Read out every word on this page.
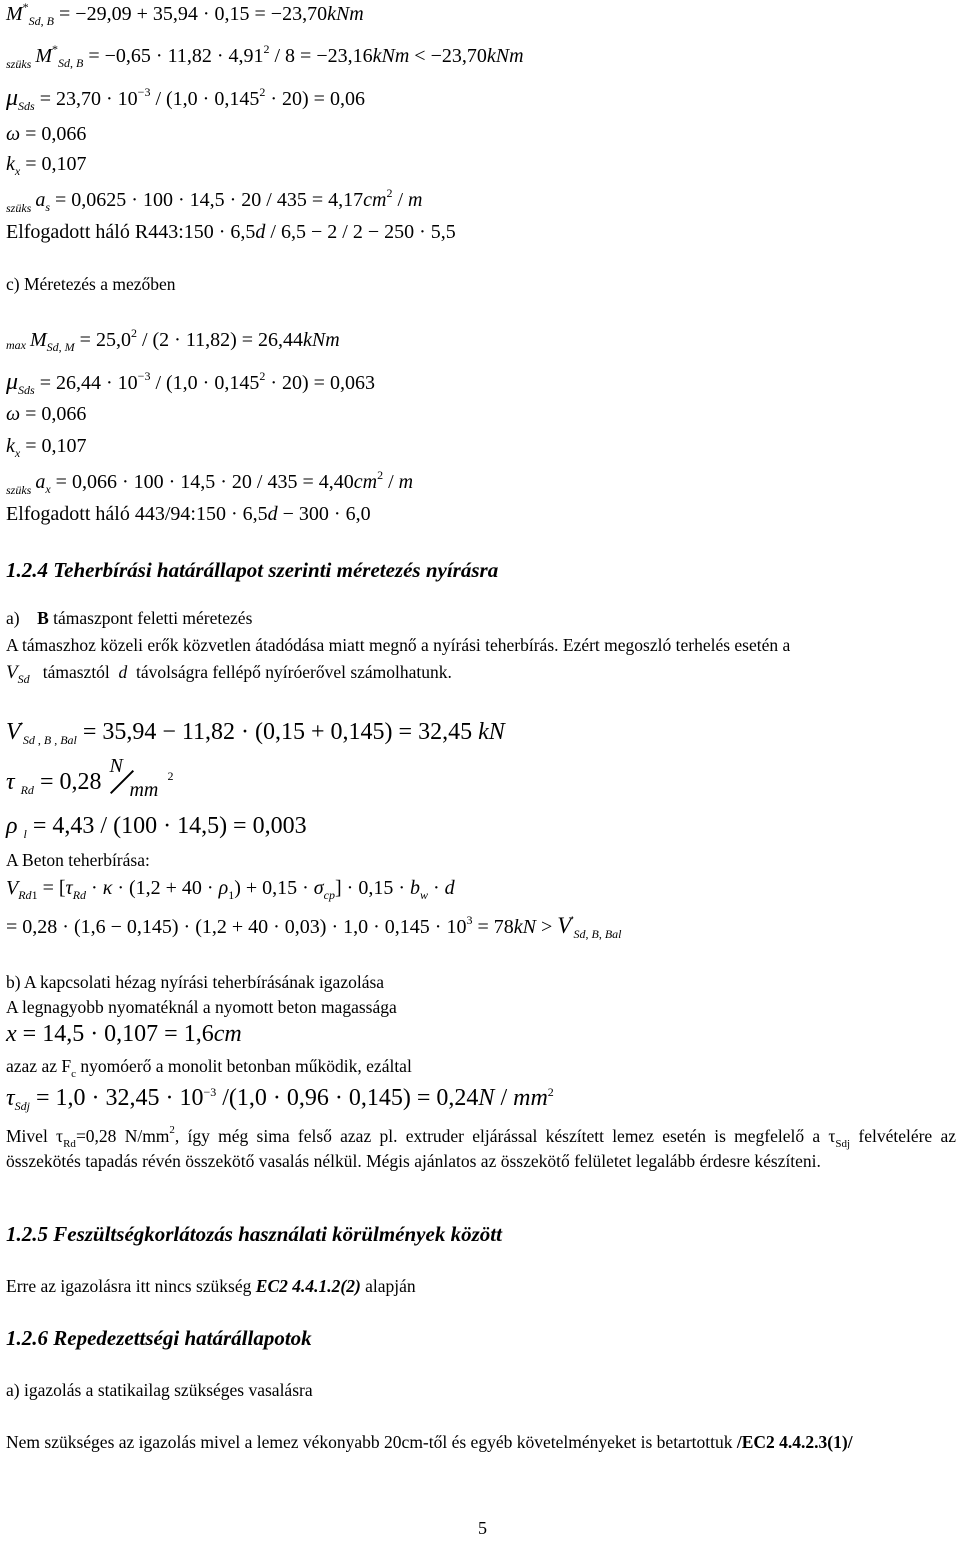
$M^*_{Sd, B} = -29,09 + 35,94 \cdot 0,15 = -23,70kNm$
$_{szüks}$ $M^*_{Sd, B} = -0,65 \cdot 11,82 \cdot 4,91^2 / 8 = -23,16kNm < -23,70kNm$
$\mu_{Sds} = 23,70 \cdot 10^{-3} / (1,0 \cdot 0,145^2 \cdot 20) = 0,06$
ω = 0,066
$k_x = 0,107$
$_{szüks}$ $a_s = 0,0625 \cdot 100 \cdot 14,5 \cdot 20 / 435 = 4,17cm^2 / m$
Elfogadott háló R443:150 · 6,5d / 6,5 − 2 / 2 − 250 · 5,5
c) Méretezés a mezőben
$\max M_{Sd, M} = 25,0^2 / (2 \cdot 11,82) = 26,44kNm$
$\mu_{Sds} = 26,44 \cdot 10^{-3} / (1,0 \cdot 0,145^2 \cdot 20) = 0,063$
ω = 0,066
$k_x = 0,107$
$_{szüks}$ $a_x = 0,066 \cdot 100 \cdot 14,5 \cdot 20 / 435 = 4,40cm^2 / m$
Elfogadott háló 443/94:150 · 6,5d − 300 · 6,0
1.2.4 Teherbírási határállapot szerinti méretezés nyírásra
a)    B támaszpont feletti méretezés
A támaszhoz közeli erők közvetlen átadódása miatt megnő a nyírási teherbírás. Ezért megoszló terhelés esetén a
$V_{Sd}$   támasztól  d  távolságra fellépő nyíróerővel számolhatunk.
$V'_{Sd , B , Bal} = 35,94 - 11,82 \cdot (0,15 + 0,145) = 32,45$ kN
τ $_{Rd}$ = 0,28
N
mm
$^2$
ρ $_l$ = 4,43 / (100 · 14,5) = 0,003
A Beton teherbírása:
$V_{Rd1} = [\tau_{Rd} \cdot \kappa \cdot (1,2 + 40 \cdot \rho_1) + 0,15 \cdot \sigma_{cp}] \cdot 0,15 \cdot b_w \cdot d$
= $0,28 \cdot (1,6 - 0,145) \cdot (1,2 + 40 \cdot 0,03) \cdot 1,0 \cdot 0,145 \cdot 10^3 = 78kN > V'_{Sd, B, Bal}$
b) A kapcsolati hézag nyírási teherbírásának igazolása
A legnagyobb nyomatéknál a nyomott beton magassága
x = 14,5 · 0,107 = 1,6cm
azaz az $F_c$ nyomóerő a monolit betonban működik, ezáltal
$\tau_{Sdj} = 1,0 \cdot 32,45 \cdot 10^{-3}$ $/(1,0 \cdot 0,96 \cdot 0,145) = 0,24N / mm^2$
Mivel $\tau_{Rd}=0,28$ $N/mm^2$, így még sima felső azaz pl. extruder eljárással készített lemez esetén is megfelelő a $\tau_{Sdj}$ felvételére az összekötés tapadás révén összekötő vasalás nélkül. Mégis ajánlatos az összekötő felületet legalább érdesre készíteni.
1.2.5 Feszültségkorlátozás használati körülmények között
Erre az igazolásra itt nincs szükség EC2 4.4.1.2(2) alapján
1.2.6 Repedezettségi határállapotok
a) igazolás a statikailag szükséges vasalásra
Nem szükséges az igazolás mivel a lemez vékonyabb 20cm-től és egyéb követelményeket is betartottuk /EC2 4.4.2.3(1)/
5
